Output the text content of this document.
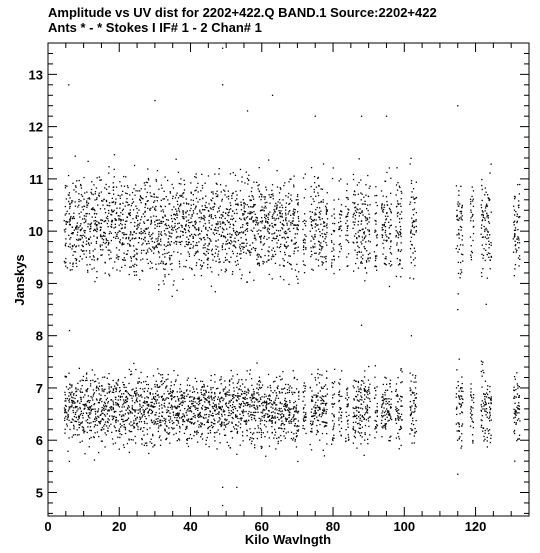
Amplitude vs UV dist for 2202+422.Q BAND.1 Source:2202+422
Ants * - * Stokes I IF# 1 - 2 Chan# 1
0	20	40	60	80	100	120
5
6
7
8
9
10
11
12
13
Kilo Wavlngth
Janskys
